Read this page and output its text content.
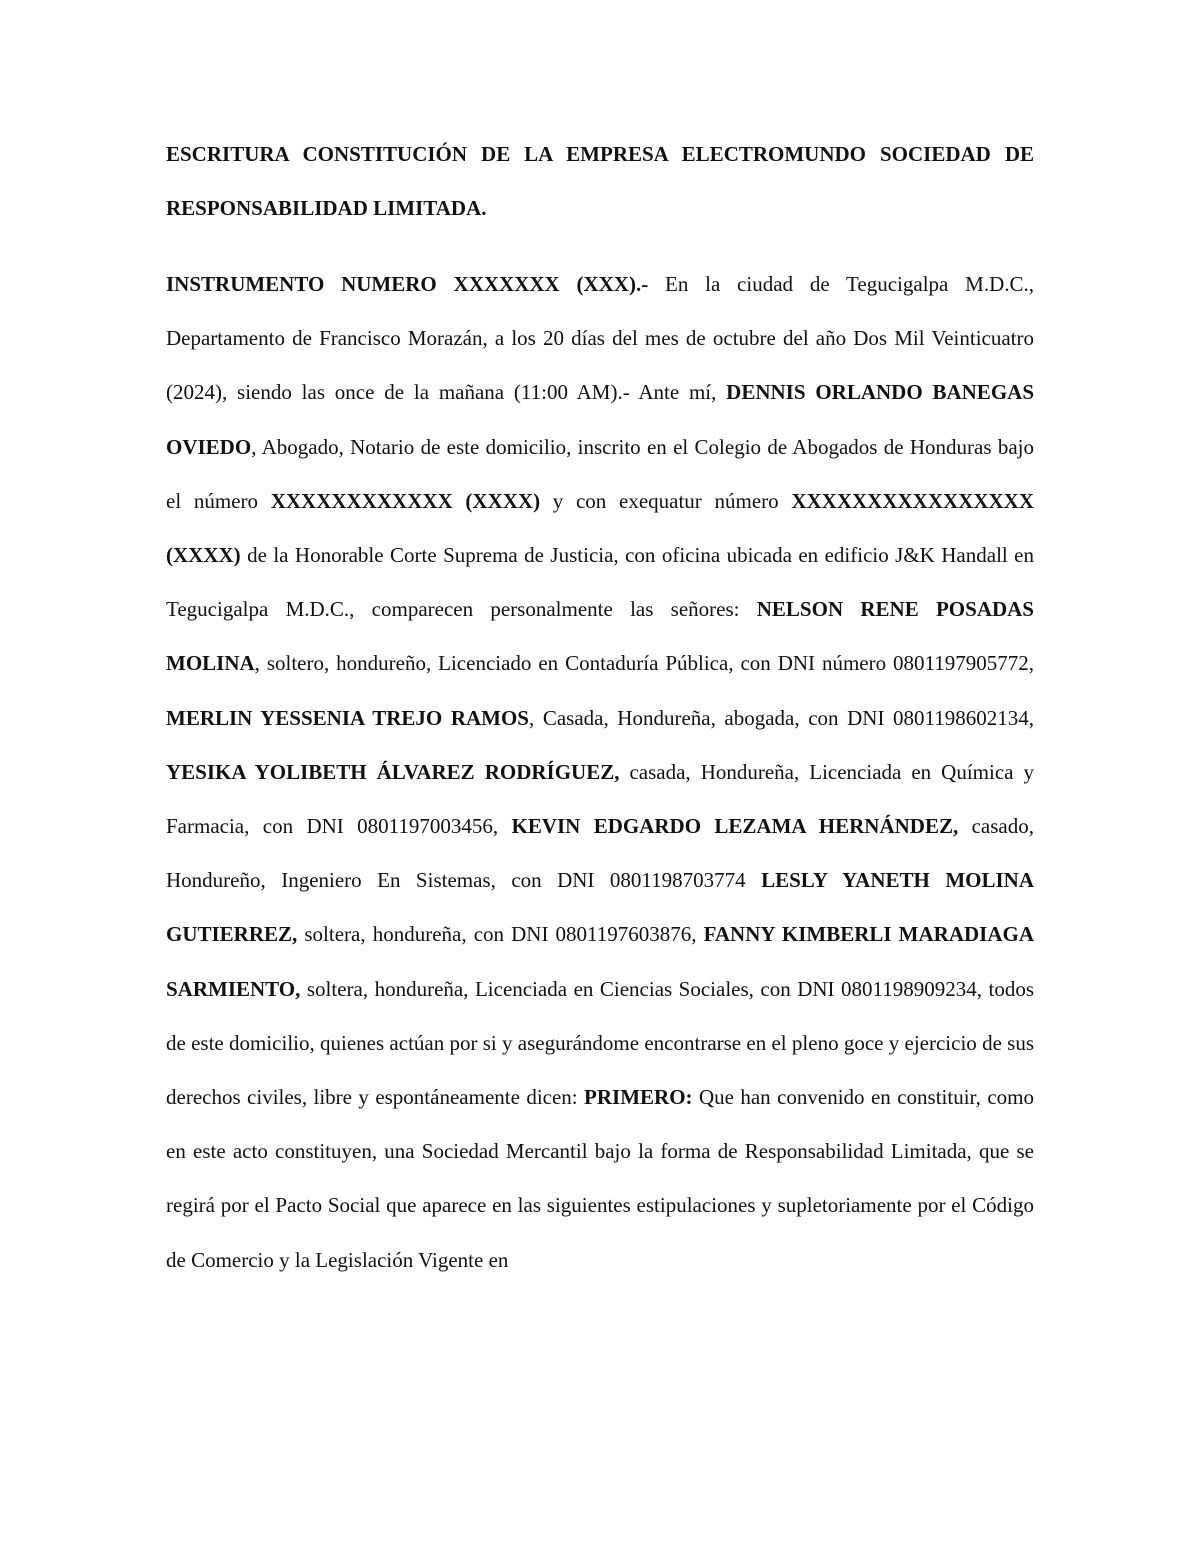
ESCRITURA CONSTITUCIÓN DE LA EMPRESA ELECTROMUNDO SOCIEDAD DE RESPONSABILIDAD LIMITADA.

INSTRUMENTO NUMERO XXXXXXX (XXX).- En la ciudad de Tegucigalpa M.D.C., Departamento de Francisco Morazán, a los 20 días del mes de octubre del año Dos Mil Veinticuatro (2024), siendo las once de la mañana (11:00 AM).- Ante mí, DENNIS ORLANDO BANEGAS OVIEDO, Abogado, Notario de este domicilio, inscrito en el Colegio de Abogados de Honduras bajo el número XXXXXXXXXXXX (XXXX) y con exequatur número XXXXXXXXXXXXXXXX (XXXX) de la Honorable Corte Suprema de Justicia, con oficina ubicada en edificio J&K Handall en Tegucigalpa M.D.C., comparecen personalmente las señores: NELSON RENE POSADAS MOLINA, soltero, hondureño, Licenciado en Contaduría Pública, con DNI número 0801197905772, MERLIN YESSENIA TREJO RAMOS, Casada, Hondureña, abogada, con DNI 0801198602134, YESIKA YOLIBETH ÁLVAREZ RODRÍGUEZ, casada, Hondureña, Licenciada en Química y Farmacia, con DNI 0801197003456, KEVIN EDGARDO LEZAMA HERNÁNDEZ, casado, Hondureño, Ingeniero En Sistemas, con DNI 0801198703774 LESLY YANETH MOLINA GUTIERREZ, soltera, hondureña, con DNI 0801197603876, FANNY KIMBERLI MARADIAGA SARMIENTO, soltera, hondureña, Licenciada en Ciencias Sociales, con DNI 0801198909234, todos de este domicilio, quienes actúan por si y asegurándome encontrarse en el pleno goce y ejercicio de sus derechos civiles, libre y espontáneamente dicen: PRIMERO: Que han convenido en constituir, como en este acto constituyen, una Sociedad Mercantil bajo la forma de Responsabilidad Limitada, que se regirá por el Pacto Social que aparece en las siguientes estipulaciones y supletoriamente por el Código de Comercio y la Legislación Vigente en
